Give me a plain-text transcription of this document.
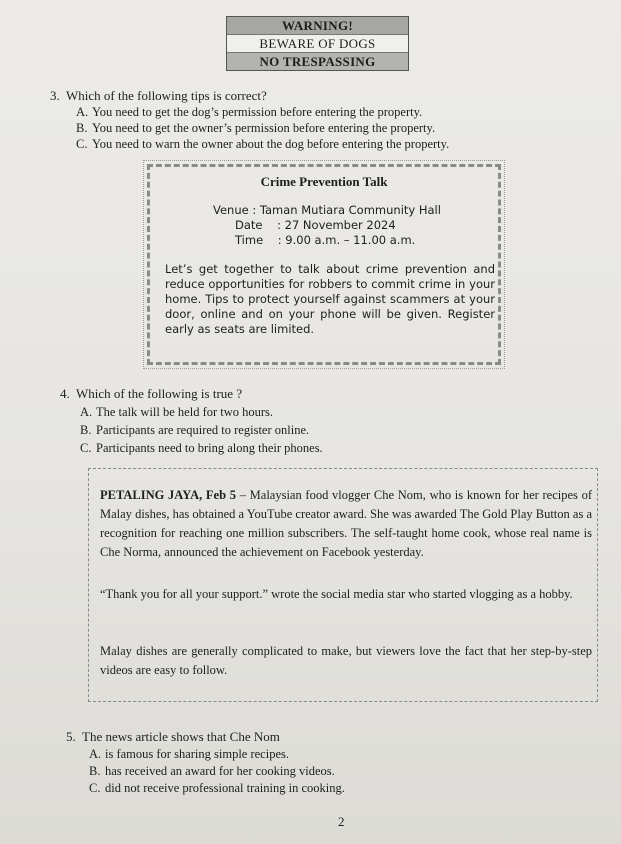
WARNING!
BEWARE OF DOGS
NO TRESPASSING
3. Which of the following tips is correct?
A. You need to get the dog’s permission before entering the property.
B. You need to get the owner’s permission before entering the property.
C. You need to warn the owner about the dog before entering the property.
Crime Prevention Talk
Venue : Taman Mutiara Community Hall
Date    : 27 November 2024
Time    : 9.00 a.m. – 11.00 a.m.
Let’s get together to talk about crime prevention and reduce opportunities for robbers to commit crime in your home. Tips to protect yourself against scammers at your door, online and on your phone will be given. Register early as seats are limited.
4. Which of the following is true ?
A. The talk will be held for two hours.
B. Participants are required to register online.
C. Participants need to bring along their phones.

PETALING JAYA, Feb 5 – Malaysian food vlogger Che Nom, who is known for her recipes of Malay dishes, has obtained a YouTube creator award. She was awarded The Gold Play Button as a recognition for reaching one million subscribers. The self-taught home cook, whose real name is Che Norma, announced the achievement on Facebook yesterday.

“Thank you for all your support.” wrote the social media star who started vlogging as a hobby.

Malay dishes are generally complicated to make, but viewers love the fact that her step-by-step videos are easy to follow.

5. The news article shows that Che Nom
A. is famous for sharing simple recipes.
B. has received an award for her cooking videos.
C. did not receive professional training in cooking.
2
